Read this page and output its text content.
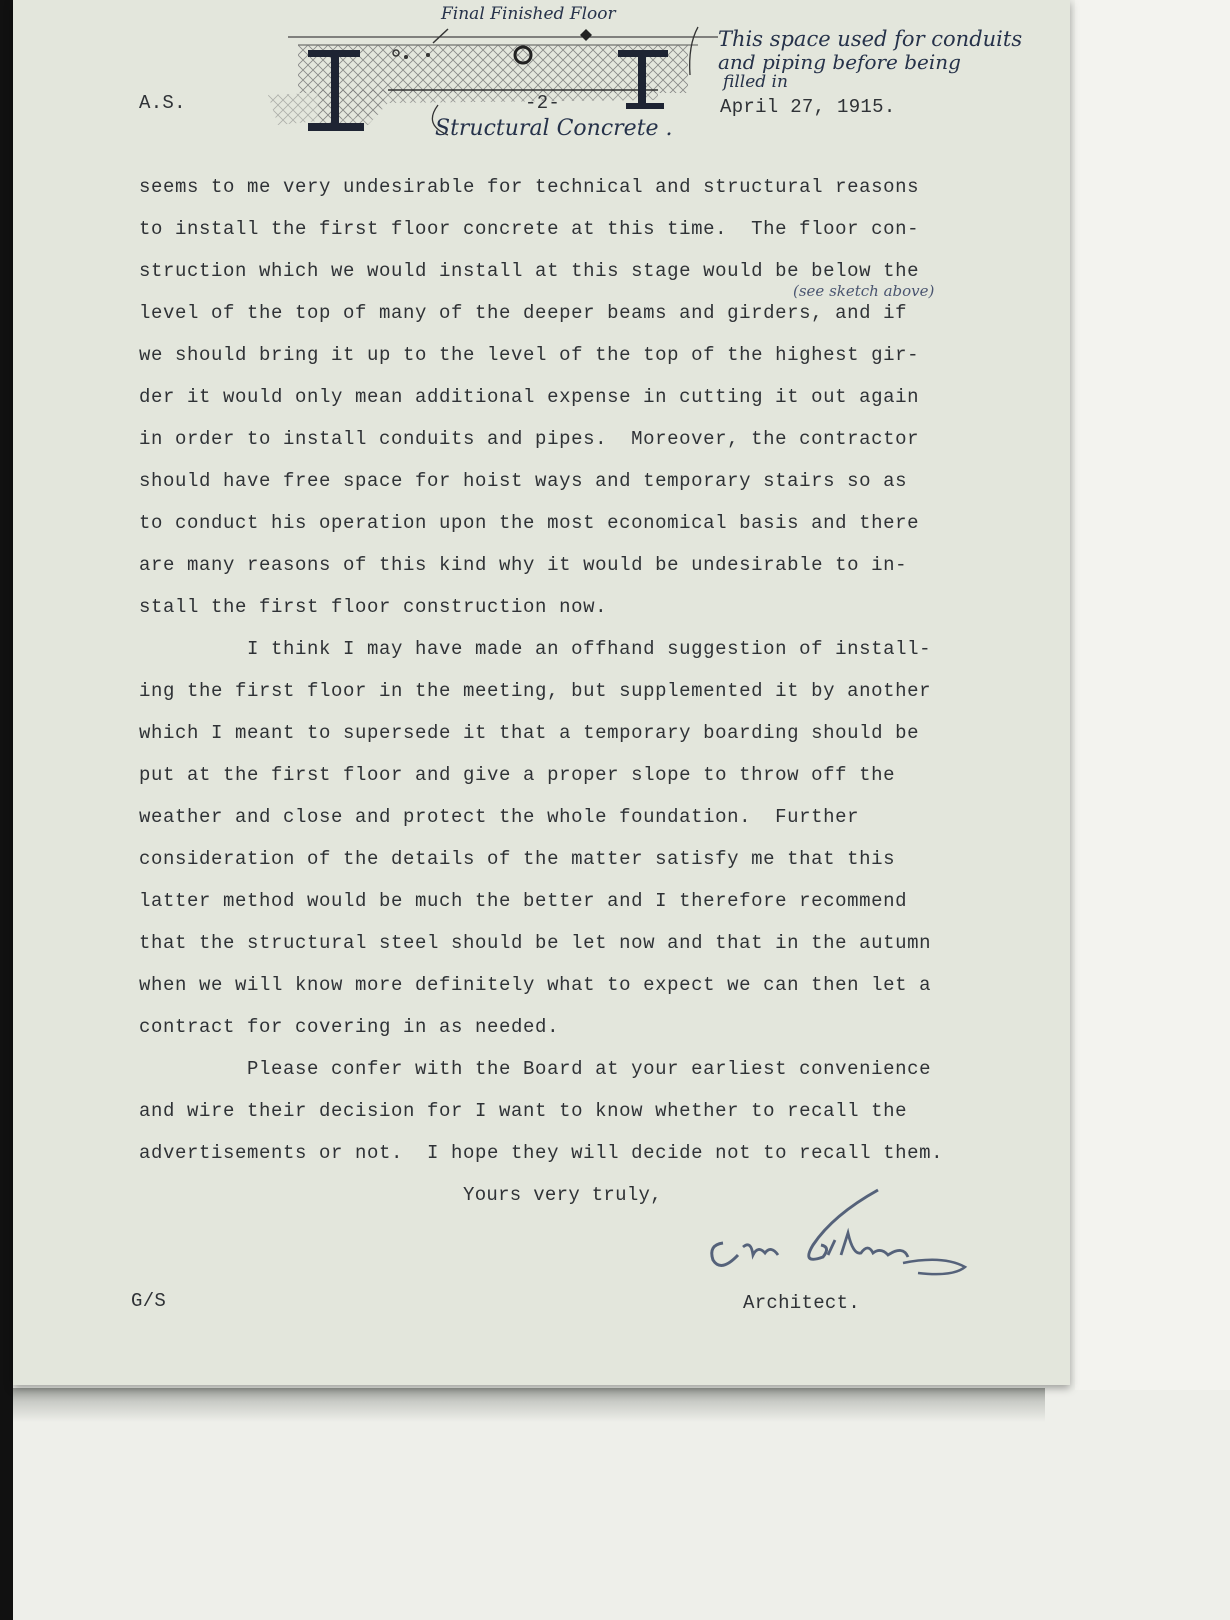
Final Finished Floor
This space used for conduits
and piping before being
filled in
Structural Concrete .
A.S.	-2-	April 27, 1915.
(see sketch above)
seems to me very undesirable for technical and structural reasons
to install the first floor concrete at this time.  The floor con-
struction which we would install at this stage would be below the
level of the top of many of the deeper beams and girders, and if
we should bring it up to the level of the top of the highest gir-
der it would only mean additional expense in cutting it out again
in order to install conduits and pipes.  Moreover, the contractor
should have free space for hoist ways and temporary stairs so as
to conduct his operation upon the most economical basis and there
are many reasons of this kind why it would be undesirable to in-
stall the first floor construction now.
I think I may have made an offhand suggestion of install-
ing the first floor in the meeting, but supplemented it by another
which I meant to supersede it that a temporary boarding should be
put at the first floor and give a proper slope to throw off the
weather and close and protect the whole foundation.  Further
consideration of the details of the matter satisfy me that this
latter method would be much the better and I therefore recommend
that the structural steel should be let now and that in the autumn
when we will know more definitely what to expect we can then let a
contract for covering in as needed.
Please confer with the Board at your earliest convenience
and wire their decision for I want to know whether to recall the
advertisements or not.  I hope they will decide not to recall them.
Yours very truly,
G/S	Architect.
